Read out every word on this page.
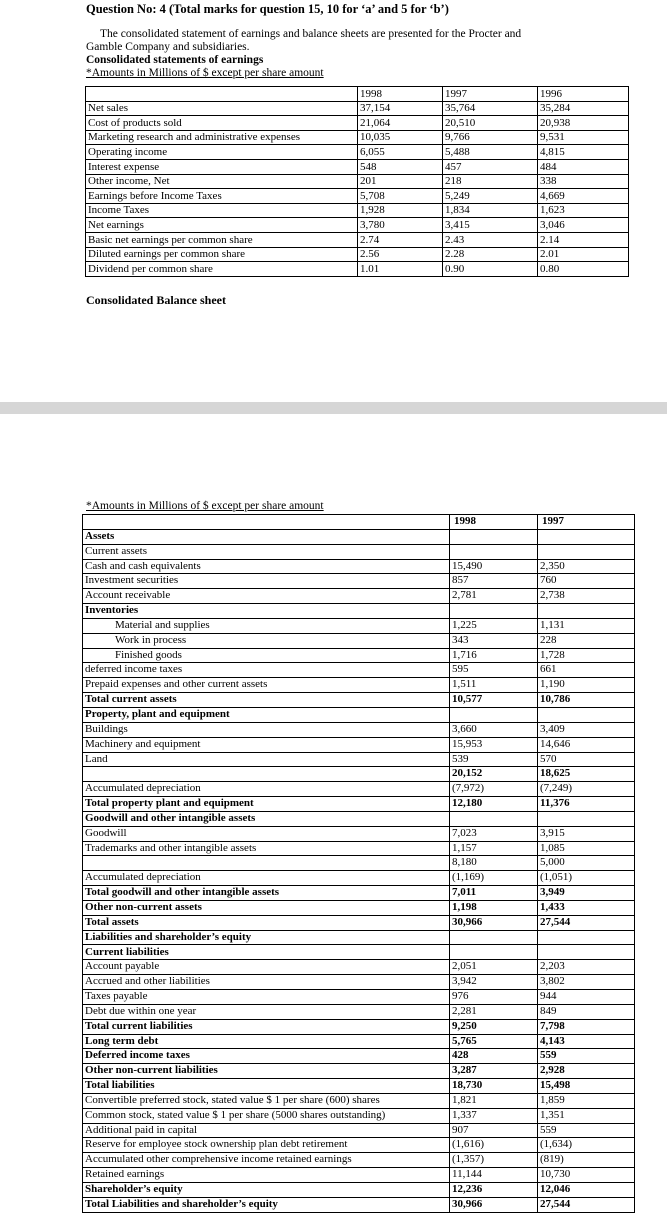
Question No: 4 (Total marks for question 15, 10 for ‘a’ and 5 for ‘b’)
The consolidated statement of earnings and balance sheets are presented for the Procter and
Gamble Company and subsidiaries.
Consolidated statements of earnings
*Amounts in Millions of $ except per share amount
	1998	1997	1996
Net sales	37,154	35,764	35,284
Cost of products sold	21,064	20,510	20,938
Marketing research and administrative expenses	10,035	9,766	9,531
Operating income	6,055	5,488	4,815
Interest expense	548	457	484
Other income, Net	201	218	338
Earnings before Income Taxes	5,708	5,249	4,669
Income Taxes	1,928	1,834	1,623
Net earnings	3,780	3,415	3,046
Basic net earnings per common share	2.74	2.43	2.14
Diluted earnings per common share	2.56	2.28	2.01
Dividend per common share	1.01	0.90	0.80
Consolidated Balance sheet
*Amounts in Millions of $ except per share amount
	1998	1997
Assets		
Current assets		
Cash and cash equivalents	15,490	2,350
Investment securities	857	760
Account receivable	2,781	2,738
Inventories		
Material and supplies	1,225	1,131
Work in process	343	228
Finished goods	1,716	1,728
deferred income taxes	595	661
Prepaid expenses and other current assets	1,511	1,190
Total current assets	10,577	10,786
Property, plant and equipment		
Buildings	3,660	3,409
Machinery and equipment	15,953	14,646
Land	539	570
	20,152	18,625
Accumulated depreciation	(7,972)	(7,249)
Total property plant and equipment	12,180	11,376
Goodwill and other intangible assets		
Goodwill	7,023	3,915
Trademarks and other intangible assets	1,157	1,085
	8,180	5,000
Accumulated depreciation	(1,169)	(1,051)
Total goodwill and other intangible assets	7,011	3,949
Other non-current assets	1,198	1,433
Total assets	30,966	27,544
Liabilities and shareholder’s equity		
Current liabilities		
Account payable	2,051	2,203
Accrued and other liabilities	3,942	3,802
Taxes payable	976	944
Debt due within one year	2,281	849
Total current liabilities	9,250	7,798
Long term debt	5,765	4,143
Deferred income taxes	428	559
Other non-current liabilities	3,287	2,928
Total liabilities	18,730	15,498
Convertible preferred stock, stated value $ 1 per share (600) shares	1,821	1,859
Common stock, stated value $ 1 per share (5000 shares outstanding)	1,337	1,351
Additional paid in capital	907	559
Reserve for employee stock ownership plan debt retirement	(1,616)	(1,634)
Accumulated other comprehensive income retained earnings	(1,357)	(819)
Retained earnings	11,144	10,730
Shareholder’s equity	12,236	12,046
Total Liabilities and shareholder’s equity	30,966	27,544
